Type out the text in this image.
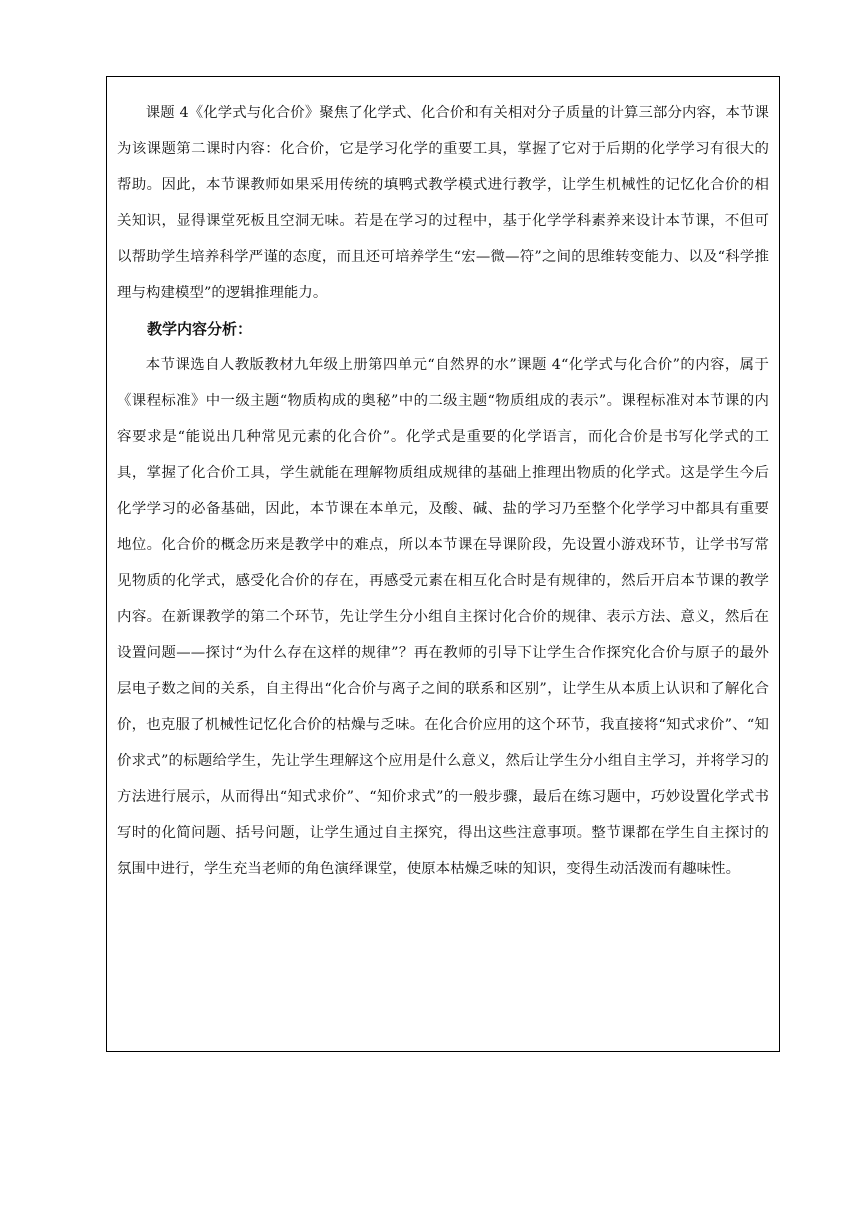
课题 4《化学式与化合价》聚焦了化学式、化合价和有关相对分子质量的计算三部分内容，本节课为该课题第二课时内容：化合价，它是学习化学的重要工具，掌握了它对于后期的化学学习有很大的帮助。因此，本节课教师如果采用传统的填鸭式教学模式进行教学，让学生机械性的记忆化合价的相关知识，显得课堂死板且空洞无味。若是在学习的过程中，基于化学学科素养来设计本节课，不但可以帮助学生培养科学严谨的态度，而且还可培养学生“宏—微—符”之间的思维转变能力、以及“科学推理与构建模型”的逻辑推理能力。

教学内容分析：

本节课选自人教版教材九年级上册第四单元“自然界的水”课题 4“化学式与化合价”的内容，属于《课程标准》中一级主题“物质构成的奥秘”中的二级主题“物质组成的表示”。课程标准对本节课的内容要求是“能说出几种常见元素的化合价”。化学式是重要的化学语言，而化合价是书写化学式的工具，掌握了化合价工具，学生就能在理解物质组成规律的基础上推理出物质的化学式。这是学生今后化学学习的必备基础，因此，本节课在本单元，及酸、碱、盐的学习乃至整个化学学习中都具有重要地位。化合价的概念历来是教学中的难点，所以本节课在导课阶段，先设置小游戏环节，让学书写常见物质的化学式，感受化合价的存在，再感受元素在相互化合时是有规律的，然后开启本节课的教学内容。在新课教学的第二个环节，先让学生分小组自主探讨化合价的规律、表示方法、意义，然后在设置问题——探讨“为什么存在这样的规律”？再在教师的引导下让学生合作探究化合价与原子的最外层电子数之间的关系，自主得出“化合价与离子之间的联系和区别”，让学生从本质上认识和了解化合价，也克服了机械性记忆化合价的枯燥与乏味。在化合价应用的这个环节，我直接将“知式求价”、“知价求式”的标题给学生，先让学生理解这个应用是什么意义，然后让学生分小组自主学习，并将学习的方法进行展示，从而得出“知式求价”、“知价求式”的一般步骤，最后在练习题中，巧妙设置化学式书写时的化简问题、括号问题，让学生通过自主探究，得出这些注意事项。整节课都在学生自主探讨的氛围中进行，学生充当老师的角色演绎课堂，使原本枯燥乏味的知识，变得生动活泼而有趣味性。
